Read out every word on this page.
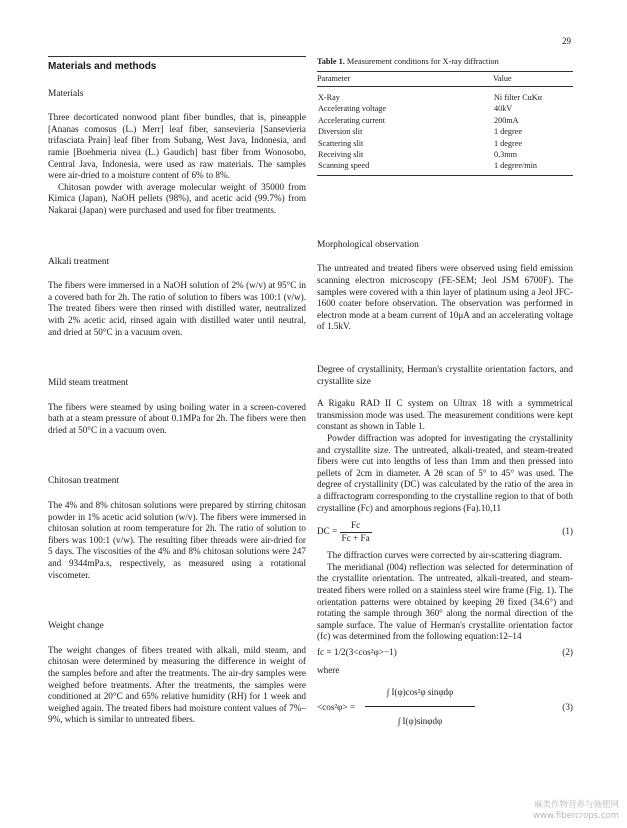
29
Materials and methods
Materials

Three decorticated nonwood plant fiber bundles, that is, pineapple [Ananas comosus (L.) Merr] leaf fiber, sansevieria [Sansevieria trifasciata Prain] leaf fiber from Subang, West Java, Indonesia, and ramie [Boehmeria nivea (L.) Gaudich] bast fiber from Wonosobo, Central Java, Indonesia, were used as raw materials. The samples were air-dried to a moisture content of 6% to 8%.

Chitosan powder with average molecular weight of 35000 from Kimica (Japan), NaOH pellets (98%), and acetic acid (99.7%) from Nakarai (Japan) were purchased and used for fiber treatments.

Alkali treatment

The fibers were immersed in a NaOH solution of 2% (w/v) at 95°C in a covered bath for 2h. The ratio of solution to fibers was 100:1 (v/w). The treated fibers were then rinsed with distilled water, neutralized with 2% acetic acid, rinsed again with distilled water until neutral, and dried at 50°C in a vacuum oven.

Mild steam treatment

The fibers were steamed by using boiling water in a screen-covered bath at a steam pressure of about 0.1MPa for 2h. The fibers were then dried at 50°C in a vacuum oven.

Chitosan treatment

The 4% and 8% chitosan solutions were prepared by stirring chitosan powder in 1% acetic acid solution (w/v). The fibers were immersed in chitosan solution at room temperature for 2h. The ratio of solution to fibers was 100:1 (v/w). The resulting fiber threads were air-dried for 5 days. The viscosities of the 4% and 8% chitosan solutions were 247 and 9344mPa.s, respectively, as measured using a rotational viscometer.

Weight change

The weight changes of fibers treated with alkali, mild steam, and chitosan were determined by measuring the difference in weight of the samples before and after the treatments. The air-dry samples were weighed before treatments. After the treatments, the samples were conditioned at 20°C and 65% relative humidity (RH) for 1 week and weighed again. The treated fibers had moisture content values of 7%–9%, which is similar to untreated fibers.

Table 1. Measurement conditions for X-ray diffraction
Parameter	Value
X-Ray	Ni filter CuKα
Accelerating voltage	40kV
Accelerating current	200mA
Diversion slit	1 degree
Scattering slit	1 degree
Receiving slit	0.3mm
Scanning speed	1 degree/min
Morphological observation

The untreated and treated fibers were observed using field emission scanning electron microscopy (FE-SEM; Jeol JSM 6700F). The samples were covered with a thin layer of platinum using a Jeol JFC-1600 coater before observation. The observation was performed in electron mode at a beam current of 10μA and an accelerating voltage of 1.5kV.

Degree of crystallinity, Herman's crystallite orientation factors, and crystallite size

A Rigaku RAD II C system on Ultrax 18 with a symmetrical transmission mode was used. The measurement conditions were kept constant as shown in Table 1.

Powder diffraction was adopted for investigating the crystallinity and crystallite size. The untreated, alkali-treated, and steam-treated fibers were cut into lengths of less than 1mm and then pressed into pellets of 2cm in diameter. A 2θ scan of 5° to 45° was used. The degree of crystallinity (DC) was calculated by the ratio of the area in a diffractogram corresponding to the crystalline region to that of both crystalline (Fc) and amorphous regions (Fa).10,11

DC = $\frac{Fc}{Fc + Fa}$	(1)

The diffraction curves were corrected by air-scattering diagram.

The meridianal (004) reflection was selected for determination of the crystallite orientation. The untreated, alkali-treated, and steam-treated fibers were rolled on a stainless steel wire frame (Fig. 1). The orientation patterns were obtained by keeping 2θ fixed (34.6°) and rotating the sample through 360° along the normal direction of the sample surface. The value of Herman's crystallite orientation factor (fc) was determined from the following equation:12–14

fc = 1/2(3<cos²φ>−1)	(2)

where

<cos²φ> =
∫ I(φ)cos²φ sinφdφ
∫ I(φ)sinφdφ
(3)
麻类作物营养与施肥网
www.fibercrops.com
